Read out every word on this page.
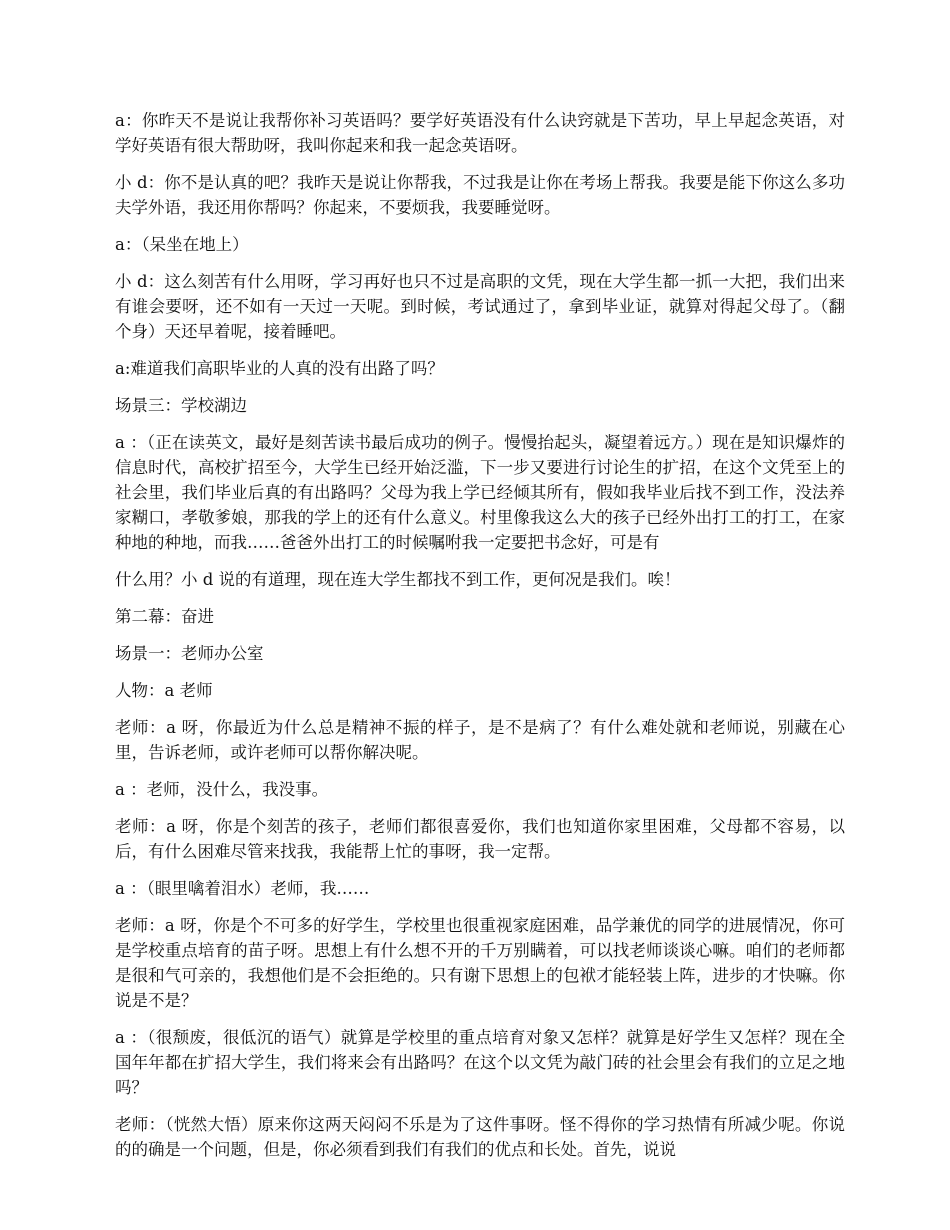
a：你昨天不是说让我帮你补习英语吗？要学好英语没有什么诀窍就是下苦功，早上早起念英语，对学好英语有很大帮助呀，我叫你起来和我一起念英语呀。

小 d：你不是认真的吧？我昨天是说让你帮我，不过我是让你在考场上帮我。我要是能下你这么多功夫学外语，我还用你帮吗？你起来，不要烦我，我要睡觉呀。

a：（呆坐在地上）

小 d：这么刻苦有什么用呀，学习再好也只不过是高职的文凭，现在大学生都一抓一大把，我们出来有谁会要呀，还不如有一天过一天呢。到时候，考试通过了，拿到毕业证，就算对得起父母了。（翻个身）天还早着呢，接着睡吧。

a:难道我们高职毕业的人真的没有出路了吗？

场景三：学校湖边

a ：（正在读英文，最好是刻苦读书最后成功的例子。慢慢抬起头，凝望着远方。）现在是知识爆炸的信息时代，高校扩招至今，大学生已经开始泛滥，下一步又要进行讨论生的扩招，在这个文凭至上的社会里，我们毕业后真的有出路吗？父母为我上学已经倾其所有，假如我毕业后找不到工作，没法养家糊口，孝敬爹娘，那我的学上的还有什么意义。村里像我这么大的孩子已经外出打工的打工，在家种地的种地，而我……爸爸外出打工的时候嘱咐我一定要把书念好，可是有

什么用？小 d 说的有道理，现在连大学生都找不到工作，更何况是我们。唉！

第二幕：奋进

场景一：老师办公室

人物：a 老师

老师：a 呀，你最近为什么总是精神不振的样子，是不是病了？有什么难处就和老师说，别藏在心里，告诉老师，或许老师可以帮你解决呢。

a ：老师，没什么，我没事。

老师：a 呀，你是个刻苦的孩子，老师们都很喜爱你，我们也知道你家里困难，父母都不容易，以后，有什么困难尽管来找我，我能帮上忙的事呀，我一定帮。

a ：（眼里噙着泪水）老师，我……

老师：a 呀，你是个不可多的好学生，学校里也很重视家庭困难，品学兼优的同学的进展情况，你可是学校重点培育的苗子呀。思想上有什么想不开的千万别瞒着，可以找老师谈谈心嘛。咱们的老师都是很和气可亲的，我想他们是不会拒绝的。只有谢下思想上的包袱才能轻装上阵，进步的才快嘛。你说是不是？

a ：（很颓废，很低沉的语气）就算是学校里的重点培育对象又怎样？就算是好学生又怎样？现在全国年年都在扩招大学生，我们将来会有出路吗？在这个以文凭为敲门砖的社会里会有我们的立足之地吗？

老师：（恍然大悟）原来你这两天闷闷不乐是为了这件事呀。怪不得你的学习热情有所减少呢。你说的的确是一个问题，但是，你必须看到我们有我们的优点和长处。首先，说说
